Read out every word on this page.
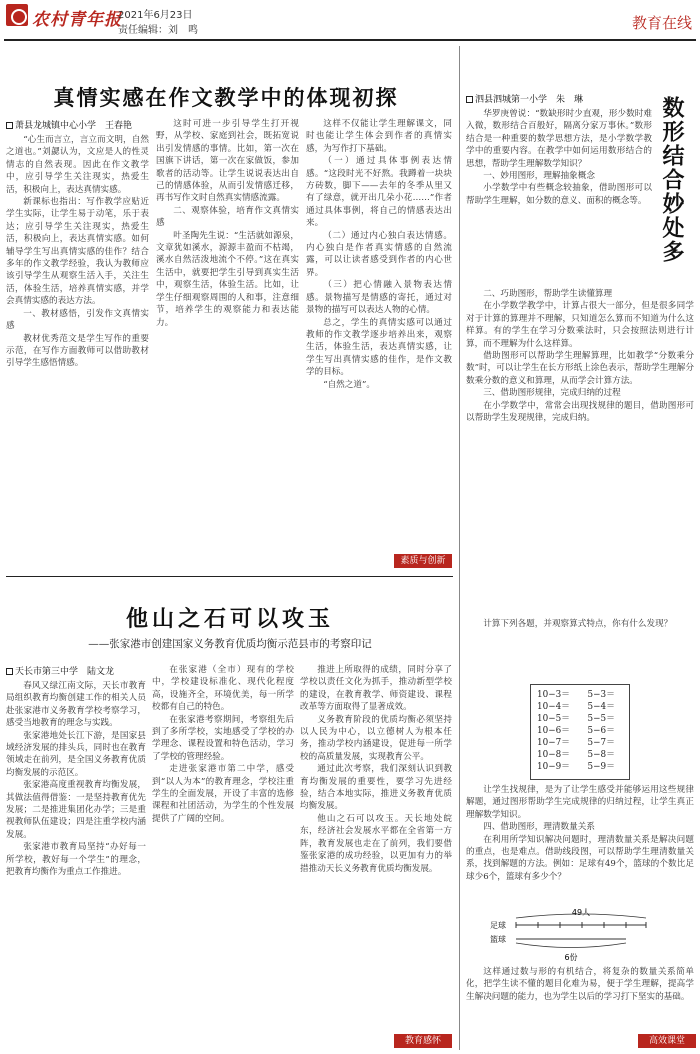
农村青年报
2021年6月23日
责任编辑：刘　鸣	教育在线
真情实感在作文教学中的体现初探
萧县龙城镇中心小学　王春艳

“心生而言立，言立而文明，自然之道也。”刘勰认为，文应是人的性灵情志的自然表现。因此在作文教学中，应引导学生关注现实，热爱生活，积极向上，表达真情实感。

新课标也指出：写作教学应贴近学生实际，让学生易于动笔，乐于表达；应引导学生关注现实，热爱生活，积极向上，表达真情实感。如何辅导学生写出真情实感的佳作？结合多年的作文教学经验，我认为教师应该引导学生从观察生活入手，关注生活，体验生活，培养真情实感，并学会真情实感的表达方法。

一、教材感悟，引发作文真情实感

教材优秀范文是学生写作的重要示范，在写作方面教师可以借助教材引导学生感悟情感。

这时可进一步引导学生打开视野，从学校、家庭到社会，既拓宽说出引发情感的事情。比如，第一次在国旗下讲话，第一次在家做饭，参加歌者的活动等。让学生说说表达出自己的情感体验，从而引发情感迁移，再书写作文时自然真实情感流露。

二、观察体验，培育作文真情实感

叶圣陶先生说：“生活就如源泉，文章犹如溪水，源源丰盈而不枯竭，溪水自然活泼地流个不停。”这在真实生活中，就要把学生引导到真实生活中，观察生活，体验生活。比如，让学生仔细观察周围的人和事，注意细节，培养学生的观察能力和表达能力。

这样不仅能让学生理解课文，同时也能让学生体会到作者的真情实感，为写作打下基础。

（一）通过具体事例表达情感。“这段时光不好熬。我蹲着一块块方砖数，脚下——去年的冬季从里又有了绿意，就开出几朵小花……”作者通过具体事例，将自己的情感表达出来。

（二）通过内心独白表达情感。内心独白是作者真实情感的自然流露，可以让读者感受到作者的内心世界。

（三）把心情融入景物表达情感。景物描写是情感的寄托，通过对景物的描写可以表达人物的心情。

总之，学生的真情实感可以通过教师的作文教学逐步培养出来，观察生活，体验生活，表达真情实感，让学生写出真情实感的佳作，是作文教学的目标。

“自然之道”。

素质与创新
他山之石可以攻玉
——张家港市创建国家义务教育优质均衡示范县市的考察印记
天长市第三中学　陆文龙

春风又绿江南文际，天长市教育局组织教育均衡创建工作的相关人员赴张家港市义务教育学校考察学习，感受当地教育的理念与实践。

张家港地处长江下游，是国家县域经济发展的排头兵，同时也在教育领域走在前列，是全国义务教育优质均衡发展的示范区。

张家港高度重视教育均衡发展，其做法值得借鉴：一是坚持教育优先发展；二是推进集团化办学；三是重视教师队伍建设；四是注重学校内涵发展。

张家港市教育局坚持“办好每一所学校，教好每一个学生”的理念，把教育均衡作为重点工作推进。

在张家港（全市）现有的学校中，学校建设标准化、现代化程度高，设施齐全，环境优美，每一所学校都有自己的特色。

在张家港考察期间，考察组先后到了多所学校，实地感受了学校的办学理念、课程设置和特色活动，学习了学校的管理经验。

走进张家港市第二中学，感受到“以人为本”的教育理念，学校注重学生的全面发展，开设了丰富的选修课程和社团活动，为学生的个性发展提供了广阔的空间。

推进上所取得的成绩，同时分享了学校以责任文化为抓手，推动新型学校的建设，在教育教学、师资建设、课程改革等方面取得了显著成效。

义务教育阶段的优质均衡必须坚持以人民为中心，以立德树人为根本任务，推动学校内涵建设，促进每一所学校的高质量发展，实现教育公平。

通过此次考察，我们深刻认识到教育均衡发展的重要性，要学习先进经验，结合本地实际，推进义务教育优质均衡发展。

他山之石可以攻玉。天长地处皖东，经济社会发展水平都在全省第一方阵，教育发展也走在了前列，我们要借鉴张家港的成功经验，以更加有力的举措推动天长义务教育优质均衡发展。

教育感怀
泗县泗城第一小学　朱　琳	数形结合妙处多

华罗庚曾说：“数缺形时少直观，形少数时难入微，数形结合百般好，隔离分家万事休。”数形结合是一种重要的数学思想方法，是小学数学教学中的重要内容。在教学中如何运用数形结合的思想，帮助学生理解数学知识？

一、妙用图形，理解抽象概念

小学数学中有些概念较抽象，借助图形可以帮助学生理解，如分数的意义、面积的概念等。

二、巧助图形，帮助学生读懂算理

在小学数学教学中，计算占很大一部分，但是很多同学对于计算的算理并不理解，只知道怎么算而不知道为什么这样算。有的学生在学习分数乘法时，只会按照法则进行计算，而不理解为什么这样算。

借助图形可以帮助学生理解算理，比如教学“分数乘分数”时，可以让学生在长方形纸上涂色表示，帮助学生理解分数乘分数的意义和算理，从而学会计算方法。

三、借助图形规律，完成归纳的过程

在小学数学中，常常会出现找规律的题目，借助图形可以帮助学生发现规律，完成归纳。

计算下列各题，并观察算式特点，你有什么发现？

10−3＝　　5−3＝
10−4＝　　5−4＝
10−5＝　　5−5＝
10−6＝　　5−6＝
10−7＝　　5−7＝
10−8＝　　5−8＝
10−9＝　　5−9＝

让学生找规律，是为了让学生感受并能够运用这些规律解题，通过图形帮助学生完成规律的归纳过程，让学生真正理解数学知识。

四、借助图形，理清数量关系

在利用所学知识解决问题时，理清数量关系是解决问题的重点，也是难点。借助线段图，可以帮助学生理清数量关系，找到解题的方法。例如：足球有49个，篮球的个数比足球少6个，篮球有多少个？

49人
足球
篮球
6份

这样通过数与形的有机结合，将复杂的数量关系简单化，把学生读不懂的题目化难为易，便于学生理解，提高学生解决问题的能力，也为学生以后的学习打下坚实的基础。

高效课堂
